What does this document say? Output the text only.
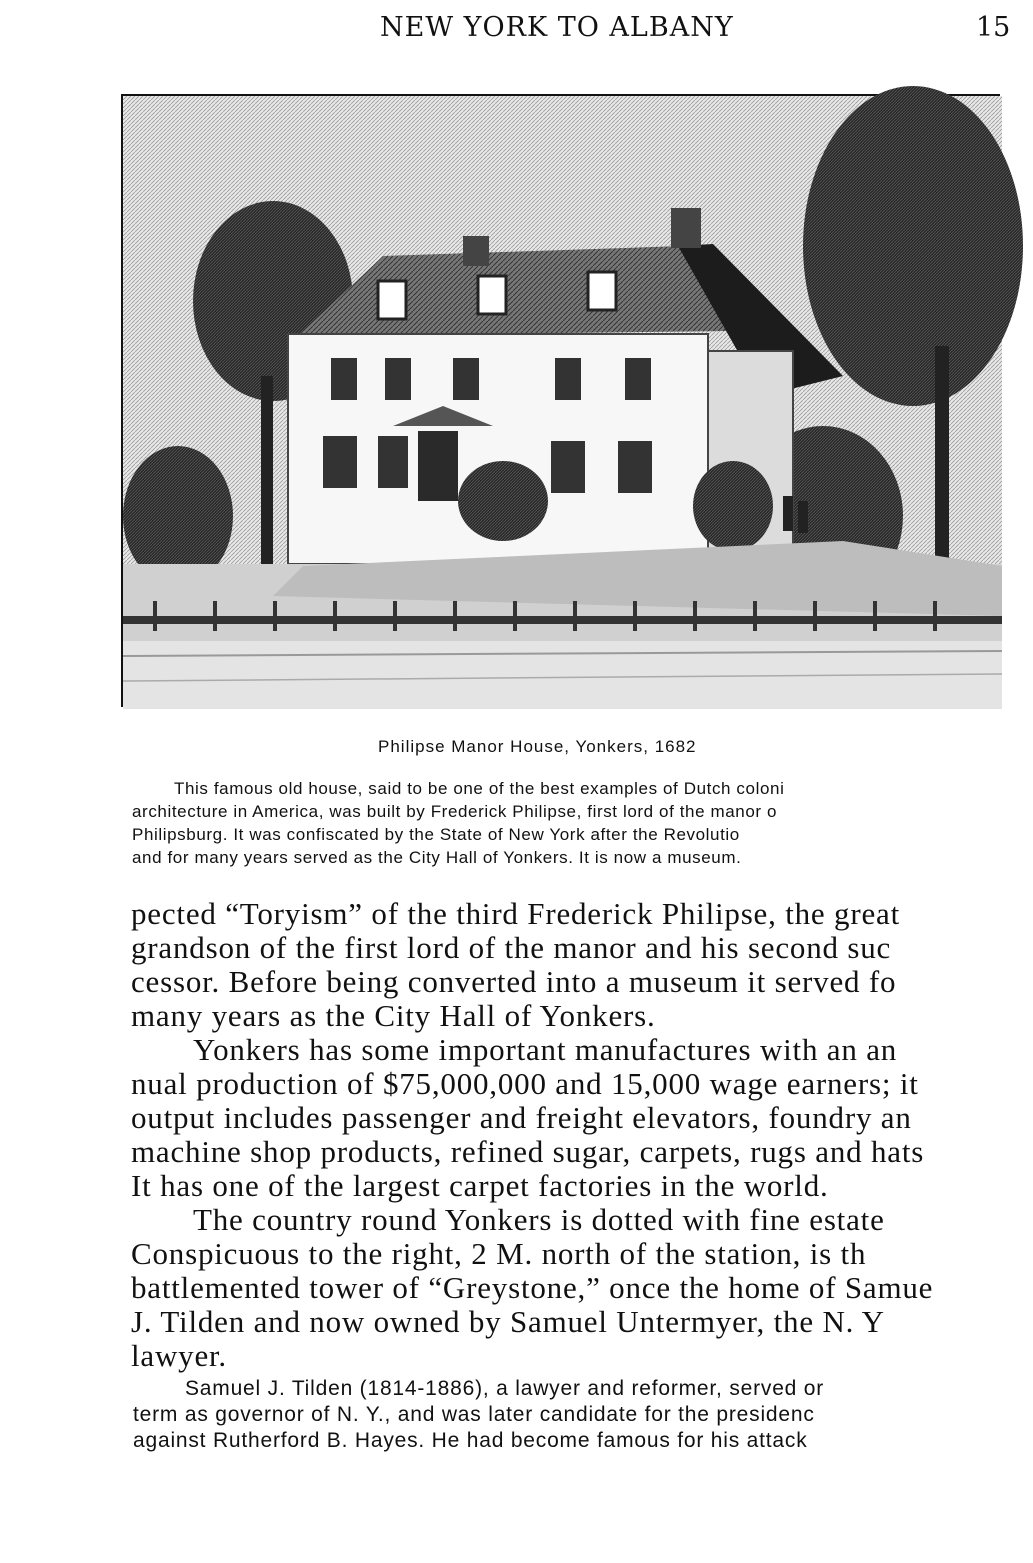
NEW YORK TO ALBANY	15
Philipse Manor House, Yonkers, 1682
This famous old house, said to be one of the best examples of Dutch coloni
architecture in America, was built by Frederick Philipse, first lord of the manor o
Philipsburg. It was confiscated by the State of New York after the Revolutio
and for many years served as the City Hall of Yonkers. It is now a museum.
pected “Toryism” of the third Frederick Philipse, the great
grandson of the first lord of the manor and his second suc
cessor. Before being converted into a museum it served fo
many years as the City Hall of Yonkers.
Yonkers has some important manufactures with an an
nual production of $75,000,000 and 15,000 wage earners; it
output includes passenger and freight elevators, foundry an
machine shop products, refined sugar, carpets, rugs and hats
It has one of the largest carpet factories in the world.
The country round Yonkers is dotted with fine estate
Conspicuous to the right, 2 M. north of the station, is th
battlemented tower of “Greystone,” once the home of Samue
J. Tilden and now owned by Samuel Untermyer, the N. Y
lawyer.
Samuel J. Tilden (1814-1886), a lawyer and reformer, served or
term as governor of N. Y., and was later candidate for the presidenc
against Rutherford B. Hayes. He had become famous for his attack
